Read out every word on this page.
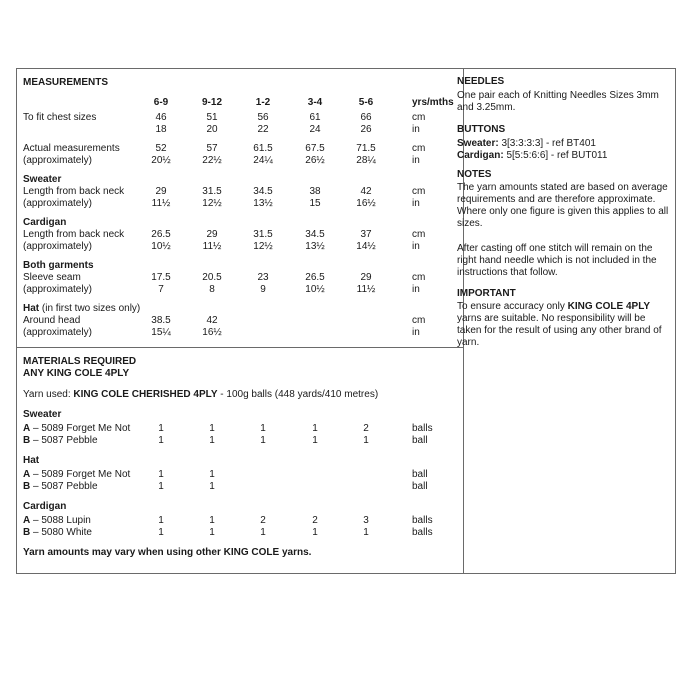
MEASUREMENTS
6-9	9-12	1-2	3-4	5-6	yrs/mths
To fit chest sizes	46	51	56	61	66	cm
18	20	22	24	26	in
Actual measurements
(approximately)
52	57	61.5	67.5	71.5	cm
20½	22½	24¼	26½	28¼	in
Sweater
Length from back neck
(approximately)
29	31.5	34.5	38	42	cm
11½	12½	13½	15	16½	in
Cardigan
Length from back neck
(approximately)
26.5	29	31.5	34.5	37	cm
10½	11½	12½	13½	14½	in
Both garments
Sleeve seam
(approximately)
17.5	20.5	23	26.5	29	cm
7	8	9	10½	11½	in
Hat (in first two sizes only)
Around head
(approximately)
38.5	42	cm
15¼	16½	in
MATERIALS REQUIRED
ANY KING COLE 4PLY
Yarn used: KING COLE CHERISHED 4PLY - 100g balls (448 yards/410 metres)
Sweater
A – 5089 Forget Me Not	1	1	1	1	2	balls
B – 5087 Pebble	1	1	1	1	1	ball
Hat
A – 5089 Forget Me Not	1	1	ball
B – 5087 Pebble	1	1	ball
Cardigan
A – 5088 Lupin	1	1	2	2	3	balls
B – 5080 White	1	1	1	1	1	balls
Yarn amounts may vary when using other KING COLE yarns.
NEEDLES
One pair each of Knitting Needles Sizes 3mm and 3.25mm.
BUTTONS
Sweater: 3[3:3:3:3] - ref BT401
Cardigan: 5[5:5:6:6] - ref BUT011
NOTES
The yarn amounts stated are based on average requirements and are therefore approximate. Where only one figure is given this applies to all sizes.
After casting off one stitch will remain on the right hand needle which is not included in the instructions that follow.
IMPORTANT
To ensure accuracy only KING COLE 4PLY yarns are suitable. No responsibility will be taken for the result of using any other brand of yarn.
